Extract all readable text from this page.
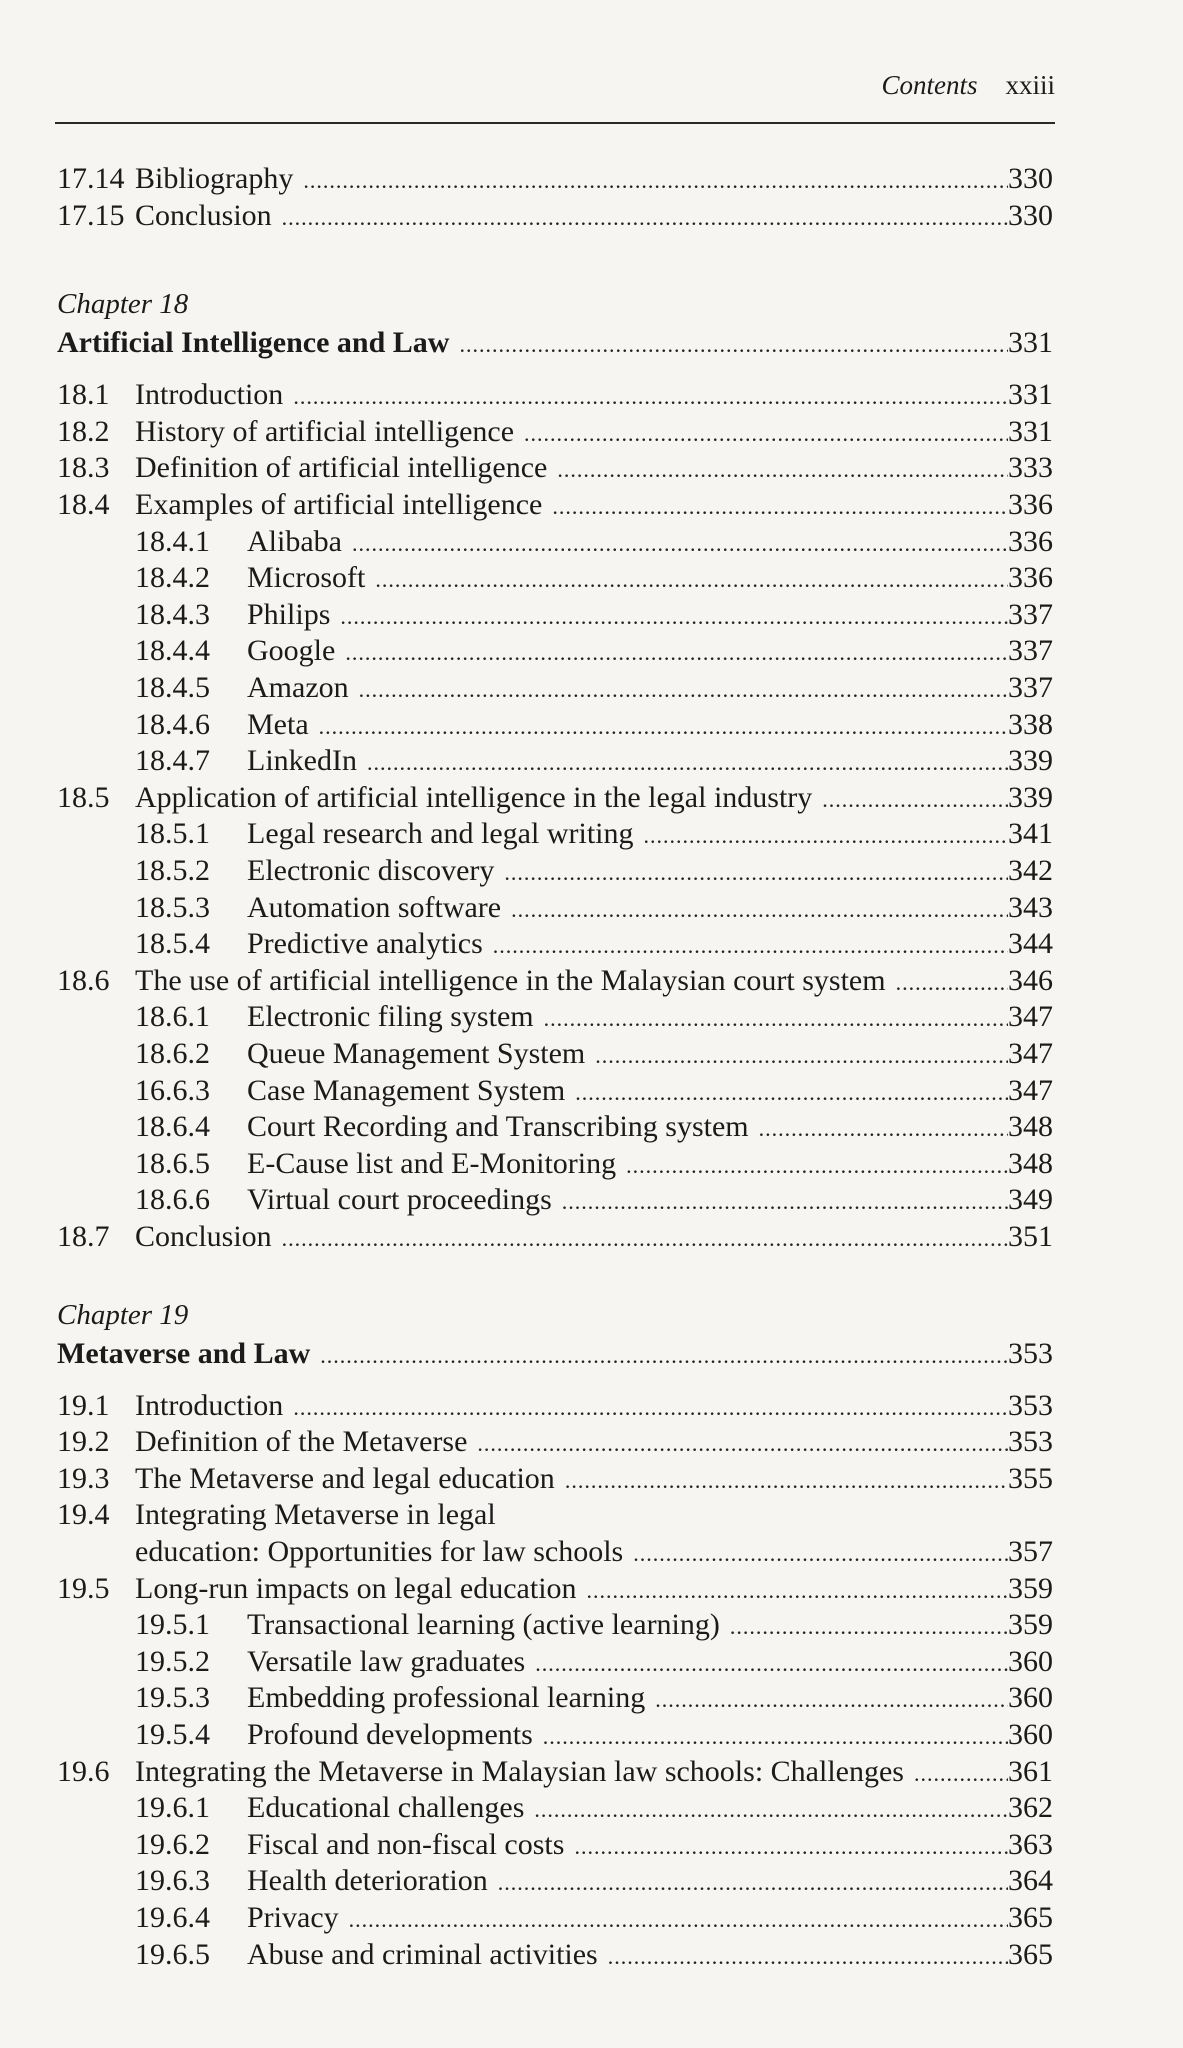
Contents xxiii
17.14 Bibliography .....	330
17.15 Conclusion .....	330
Chapter 18
Artificial Intelligence and Law .....	331
18.1 Introduction .....	331
18.2 History of artificial intelligence .....	331
18.3 Definition of artificial intelligence .....	333
18.4 Examples of artificial intelligence .....	336
18.4.1 Alibaba .....	336
18.4.2 Microsoft .....	336
18.4.3 Philips .....	337
18.4.4 Google .....	337
18.4.5 Amazon .....	337
18.4.6 Meta .....	338
18.4.7 LinkedIn .....	339
18.5 Application of artificial intelligence in the legal industry .....	339
18.5.1 Legal research and legal writing .....	341
18.5.2 Electronic discovery .....	342
18.5.3 Automation software .....	343
18.5.4 Predictive analytics .....	344
18.6 The use of artificial intelligence in the Malaysian court system .....	346
18.6.1 Electronic filing system .....	347
18.6.2 Queue Management System .....	347
16.6.3 Case Management System .....	347
18.6.4 Court Recording and Transcribing system .....	348
18.6.5 E-Cause list and E-Monitoring .....	348
18.6.6 Virtual court proceedings .....	349
18.7 Conclusion .....	351
Chapter 19
Metaverse and Law .....	353
19.1 Introduction .....	353
19.2 Definition of the Metaverse .....	353
19.3 The Metaverse and legal education .....	355
19.4 Integrating Metaverse in legal
education: Opportunities for law schools .....	357
19.5 Long-run impacts on legal education .....	359
19.5.1 Transactional learning (active learning) .....	359
19.5.2 Versatile law graduates .....	360
19.5.3 Embedding professional learning .....	360
19.5.4 Profound developments .....	360
19.6 Integrating the Metaverse in Malaysian law schools: Challenges .....	361
19.6.1 Educational challenges .....	362
19.6.2 Fiscal and non-fiscal costs .....	363
19.6.3 Health deterioration .....	364
19.6.4 Privacy .....	365
19.6.5 Abuse and criminal activities .....	365
